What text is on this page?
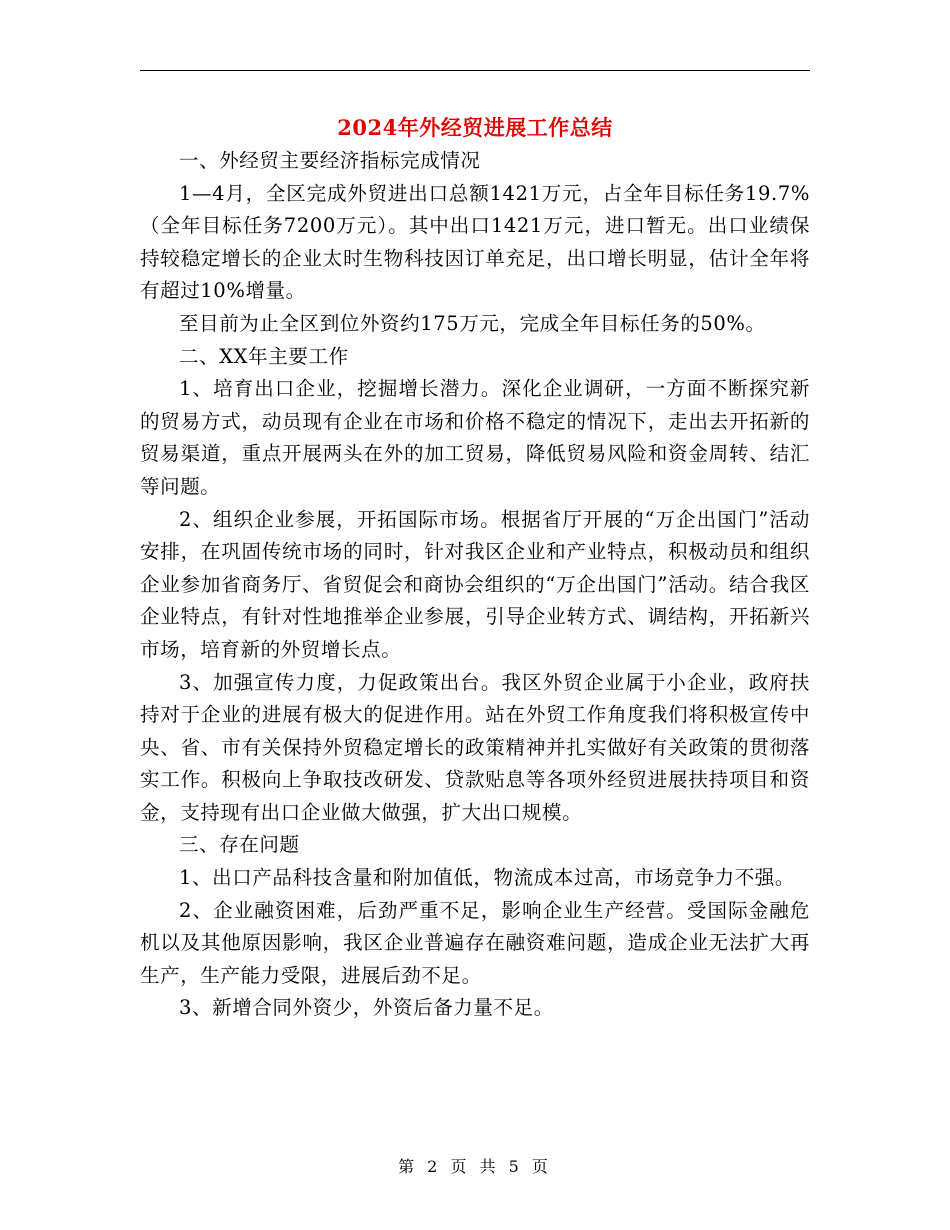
2024年外经贸进展工作总结

一、外经贸主要经济指标完成情况

1—4月，全区完成外贸进出口总额1421万元，占全年目标任务19.7%（全年目标任务7200万元）。其中出口1421万元，进口暂无。出口业绩保持较稳定增长的企业太时生物科技因订单充足，出口增长明显，估计全年将有超过10%增量。

至目前为止全区到位外资约175万元，完成全年目标任务的50%。

二、XX年主要工作

1、培育出口企业，挖掘增长潜力。深化企业调研，一方面不断探究新的贸易方式，动员现有企业在市场和价格不稳定的情况下，走出去开拓新的贸易渠道，重点开展两头在外的加工贸易，降低贸易风险和资金周转、结汇等问题。

2、组织企业参展，开拓国际市场。根据省厅开展的“万企出国门”活动安排，在巩固传统市场的同时，针对我区企业和产业特点，积极动员和组织企业参加省商务厅、省贸促会和商协会组织的“万企出国门”活动。结合我区企业特点，有针对性地推举企业参展，引导企业转方式、调结构，开拓新兴市场，培育新的外贸增长点。

3、加强宣传力度，力促政策出台。我区外贸企业属于小企业，政府扶持对于企业的进展有极大的促进作用。站在外贸工作角度我们将积极宣传中央、省、市有关保持外贸稳定增长的政策精神并扎实做好有关政策的贯彻落实工作。积极向上争取技改研发、贷款贴息等各项外经贸进展扶持项目和资金，支持现有出口企业做大做强，扩大出口规模。

三、存在问题

1、出口产品科技含量和附加值低，物流成本过高，市场竞争力不强。

2、企业融资困难，后劲严重不足，影响企业生产经营。受国际金融危机以及其他原因影响，我区企业普遍存在融资难问题，造成企业无法扩大再生产，生产能力受限，进展后劲不足。

3、新增合同外资少，外资后备力量不足。

第 2 页 共 5 页
